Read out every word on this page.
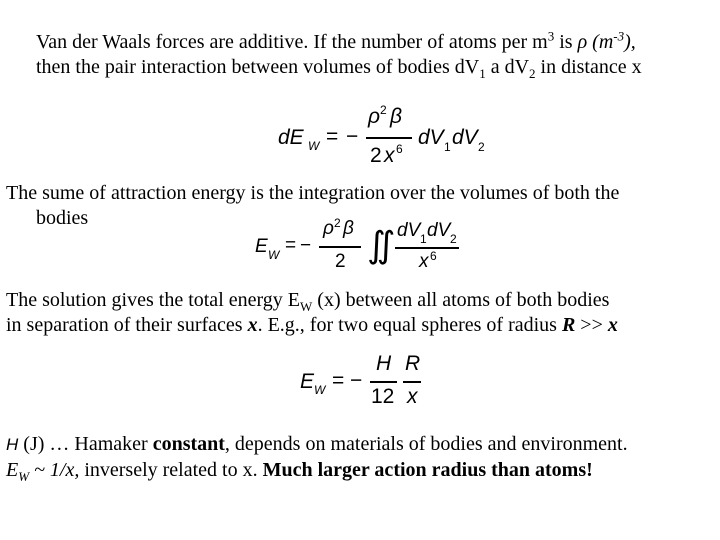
Van der Waals forces are additive. If the number of atoms per $m^3$ is ρ $(m^{-3})$,
then the pair interaction between volumes of bodies $dV_1$ a $dV_2$ in distance x
dE W = −
ρ 2 β
2 x 6 dV 1 dV 2
The sume of attraction energy is the integration over the volumes of both the
bodies
E W = −
ρ 2 β
2 ∬ dV 1 dV 2
x 6
The solution gives the total energy $E_W$ (x) between all atoms of both bodies
in separation of their surfaces x. E.g., for two equal spheres of radius R >> x
E W = −
H
12
R
x
H (J) … Hamaker constant, depends on materials of bodies and environment.
$E_W$ ~ 1/x, inversely related to x. Much larger action radius than atoms!
